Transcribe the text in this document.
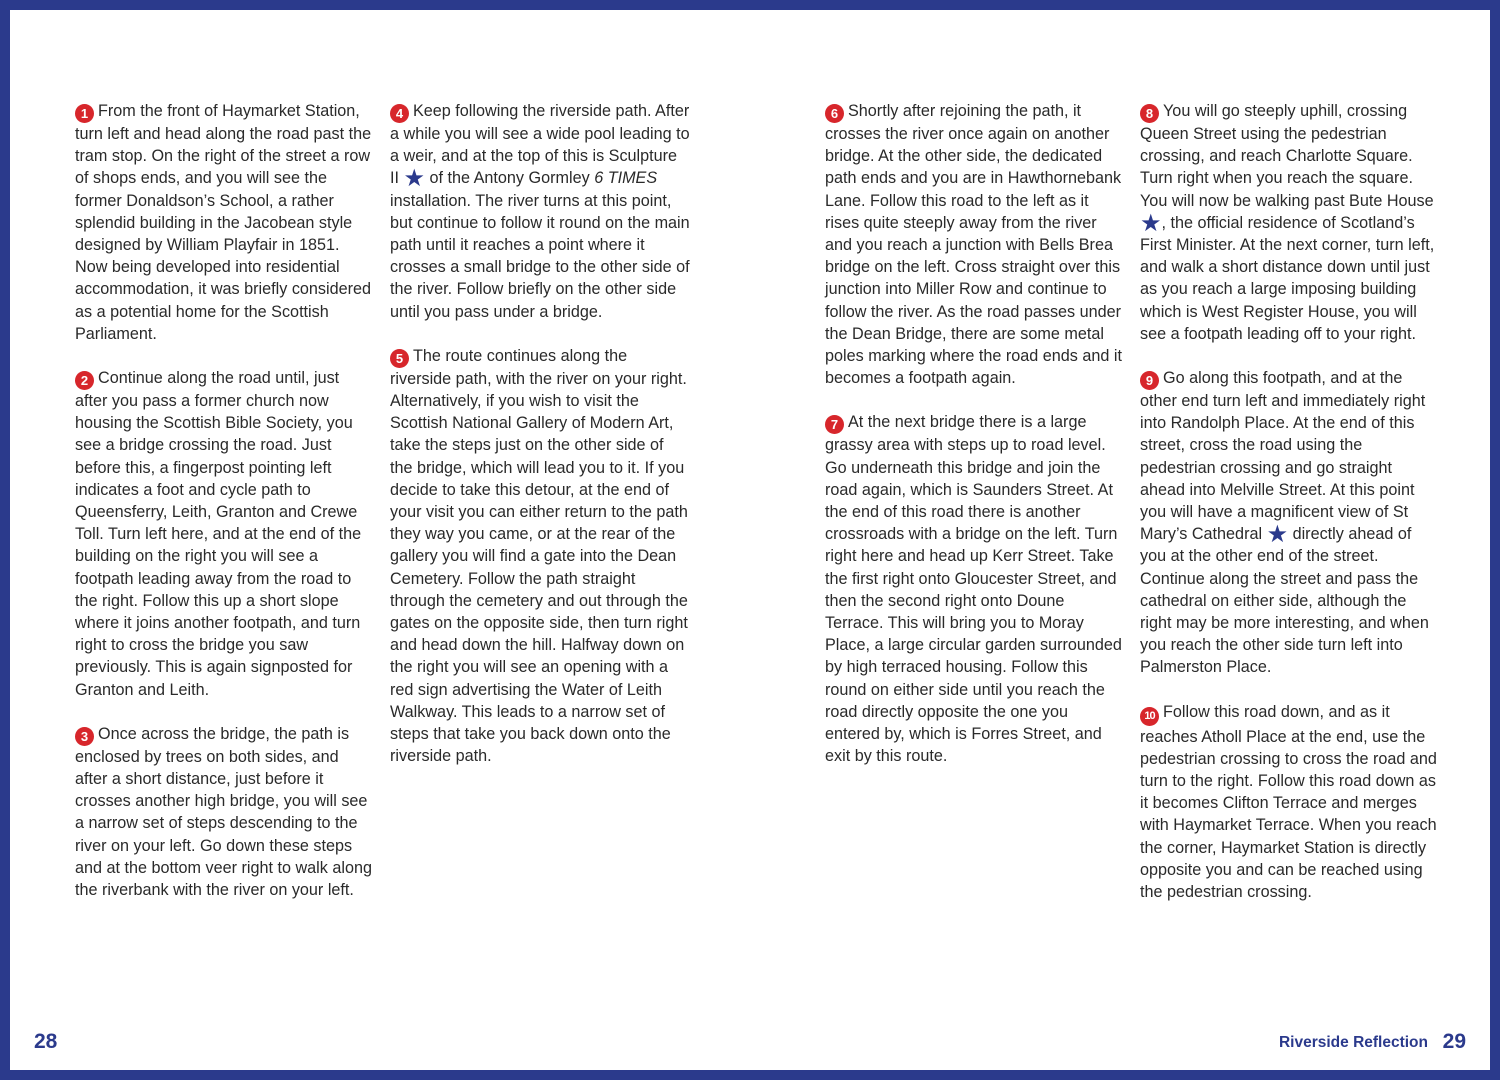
1 From the front of Haymarket Station, turn left and head along the road past the tram stop. On the right of the street a row of shops ends, and you will see the former Donaldson’s School, a rather splendid building in the Jacobean style designed by William Playfair in 1851. Now being developed into residential accommodation, it was briefly considered as a potential home for the Scottish Parliament.

2 Continue along the road until, just after you pass a former church now housing the Scottish Bible Society, you see a bridge crossing the road. Just before this, a fingerpost pointing left indicates a foot and cycle path to Queensferry, Leith, Granton and Crewe Toll. Turn left here, and at the end of the building on the right you will see a footpath leading away from the road to the right. Follow this up a short slope where it joins another footpath, and turn right to cross the bridge you saw previously. This is again signposted for Granton and Leith.

3 Once across the bridge, the path is enclosed by trees on both sides, and after a short distance, just before it crosses another high bridge, you will see a narrow set of steps descending to the river on your left. Go down these steps and at the bottom veer right to walk along the riverbank with the river on your left.

4 Keep following the riverside path. After a while you will see a wide pool leading to a weir, and at the top of this is Sculpture II ★ of the Antony Gormley 6 TIMES installation. The river turns at this point, but continue to follow it round on the main path until it reaches a point where it crosses a small bridge to the other side of the river. Follow briefly on the other side until you pass under a bridge.

5 The route continues along the riverside path, with the river on your right. Alternatively, if you wish to visit the Scottish National Gallery of Modern Art, take the steps just on the other side of the bridge, which will lead you to it. If you decide to take this detour, at the end of your visit you can either return to the path they way you came, or at the rear of the gallery you will find a gate into the Dean Cemetery. Follow the path straight through the cemetery and out through the gates on the opposite side, then turn right and head down the hill. Halfway down on the right you will see an opening with a red sign advertising the Water of Leith Walkway. This leads to a narrow set of steps that take you back down onto the riverside path.

6 Shortly after rejoining the path, it crosses the river once again on another bridge. At the other side, the dedicated path ends and you are in Hawthornebank Lane. Follow this road to the left as it rises quite steeply away from the river and you reach a junction with Bells Brea bridge on the left. Cross straight over this junction into Miller Row and continue to follow the river. As the road passes under the Dean Bridge, there are some metal poles marking where the road ends and it becomes a footpath again.

7 At the next bridge there is a large grassy area with steps up to road level. Go underneath this bridge and join the road again, which is Saunders Street. At the end of this road there is another crossroads with a bridge on the left. Turn right here and head up Kerr Street. Take the first right onto Gloucester Street, and then the second right onto Doune Terrace. This will bring you to Moray Place, a large circular garden surrounded by high terraced housing. Follow this round on either side until you reach the road directly opposite the one you entered by, which is Forres Street, and exit by this route.

8 You will go steeply uphill, crossing Queen Street using the pedestrian crossing, and reach Charlotte Square. Turn right when you reach the square. You will now be walking past Bute House ★, the official residence of Scotland’s First Minister. At the next corner, turn left, and walk a short distance down until just as you reach a large imposing building which is West Register House, you will see a footpath leading off to your right.

9 Go along this footpath, and at the other end turn left and immediately right into Randolph Place. At the end of this street, cross the road using the pedestrian crossing and go straight ahead into Melville Street. At this point you will have a magnificent view of St Mary’s Cathedral ★ directly ahead of you at the other end of the street. Continue along the street and pass the cathedral on either side, although the right may be more interesting, and when you reach the other side turn left into Palmerston Place.

10 Follow this road down, and as it reaches Atholl Place at the end, use the pedestrian crossing to cross the road and turn to the right. Follow this road down as it becomes Clifton Terrace and merges with Haymarket Terrace. When you reach the corner, Haymarket Station is directly opposite you and can be reached using the pedestrian crossing.

28	Riverside Reflection 29
